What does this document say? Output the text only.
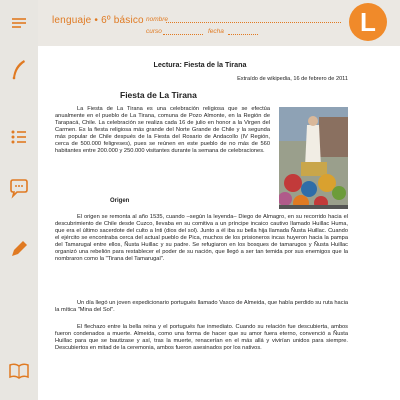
lenguaje • 6º básico nombre
curso	fecha	L
Lectura: Fiesta de la Tirana
Extraído de wikipedia, 16 de febrero de 2011
Fiesta de La Tirana
La Fiesta de La Tirana es una celebración religiosa que se efectúa anualmente en el pueblo de La Tirana, comuna de Pozo Almonte, en la Región de Tarapacá, Chile. La celebración se realiza cada 16 de julio en honor a la Virgen del Carmen. Es la fiesta religiosa más grande del Norte Grande de Chile y la segunda más popular de Chile después de la Fiesta del Rosario de Andacollo (IV Región, cerca de 500.000 feligreses), pues se reúnen en este pueblo de no más de 560 habitantes entre 200.000 y 250.000 visitantes durante la semana de celebraciones.
Origen
El origen se remonta al año 1535, cuando –según la leyenda– Diego de Almagro, en su recorrido hacia el descubrimiento de Chile desde Cuzco, llevaba en su comitiva a un príncipe incaico cautivo llamado Huillac Huma, que era el último sacerdote del culto a Inti (dios del sol). Junto a él iba su bella hija llamada Ñusta Huillac. Cuando el ejército se encontraba cerca del actual pueblo de Pica, muchos de los prisioneros incas huyeron hacia la pampa del Tamarugal entre ellos, Ñusta Huillac y su padre. Se refugiaron en los bosques de tamarugos y Ñusta Huillac organizó una rebelión para restablecer el poder de su nación, que llegó a ser tan temida por sus enemigos que la nombraron como la "Tirana del Tamarugal".
Un día llegó un joven expedicionario portugués llamado Vasco de Almeida, que había perdido su ruta hacia la mítica "Mina del Sol".
El flechazo entre la bella reina y el portugués fue inmediato. Cuando su relación fue descubierta, ambos fueron condenados a muerte. Almeida, como una forma de hacer que su amor fuera eterno, convenció a Ñusta Huillac para que se bautizase y así, tras la muerte, renacerían en el más allá y vivirían unidos para siempre. Descubiertos en mitad de la ceremonia, ambos fueron asesinados por los nativos.
